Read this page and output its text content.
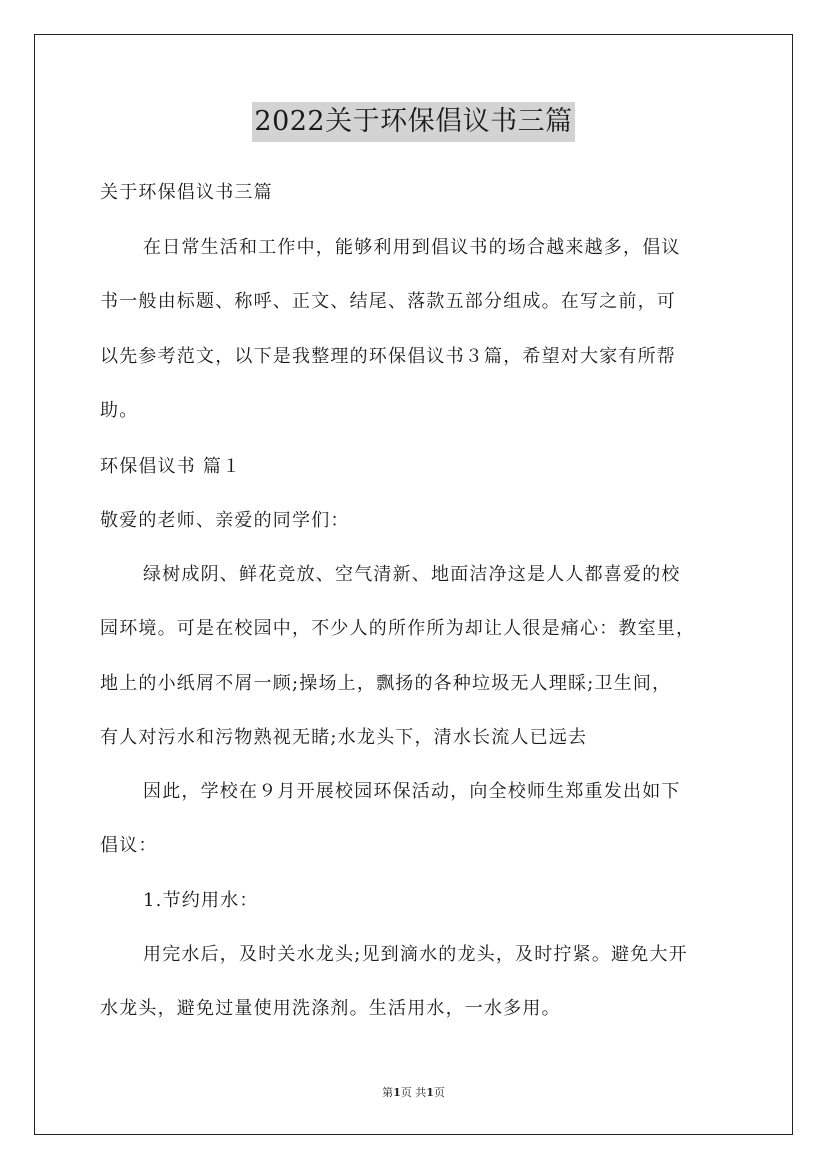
2022关于环保倡议书三篇
关于环保倡议书三篇
在日常生活和工作中，能够利用到倡议书的场合越来越多，倡议
书一般由标题、称呼、正文、结尾、落款五部分组成。在写之前，可
以先参考范文，以下是我整理的环保倡议书３篇，希望对大家有所帮
助。
环保倡议书 篇１
敬爱的老师、亲爱的同学们：
绿树成阴、鲜花竞放、空气清新、地面洁净这是人人都喜爱的校
园环境。可是在校园中，不少人的所作所为却让人很是痛心：教室里，
地上的小纸屑不屑一顾;操场上，飘扬的各种垃圾无人理睬;卫生间，
有人对污水和污物熟视无睹;水龙头下，清水长流人已远去
因此，学校在９月开展校园环保活动，向全校师生郑重发出如下
倡议：
1.节约用水：
用完水后，及时关水龙头;见到滴水的龙头，及时拧紧。避免大开
水龙头，避免过量使用洗涤剂。生活用水，一水多用。
第1页 共1页
